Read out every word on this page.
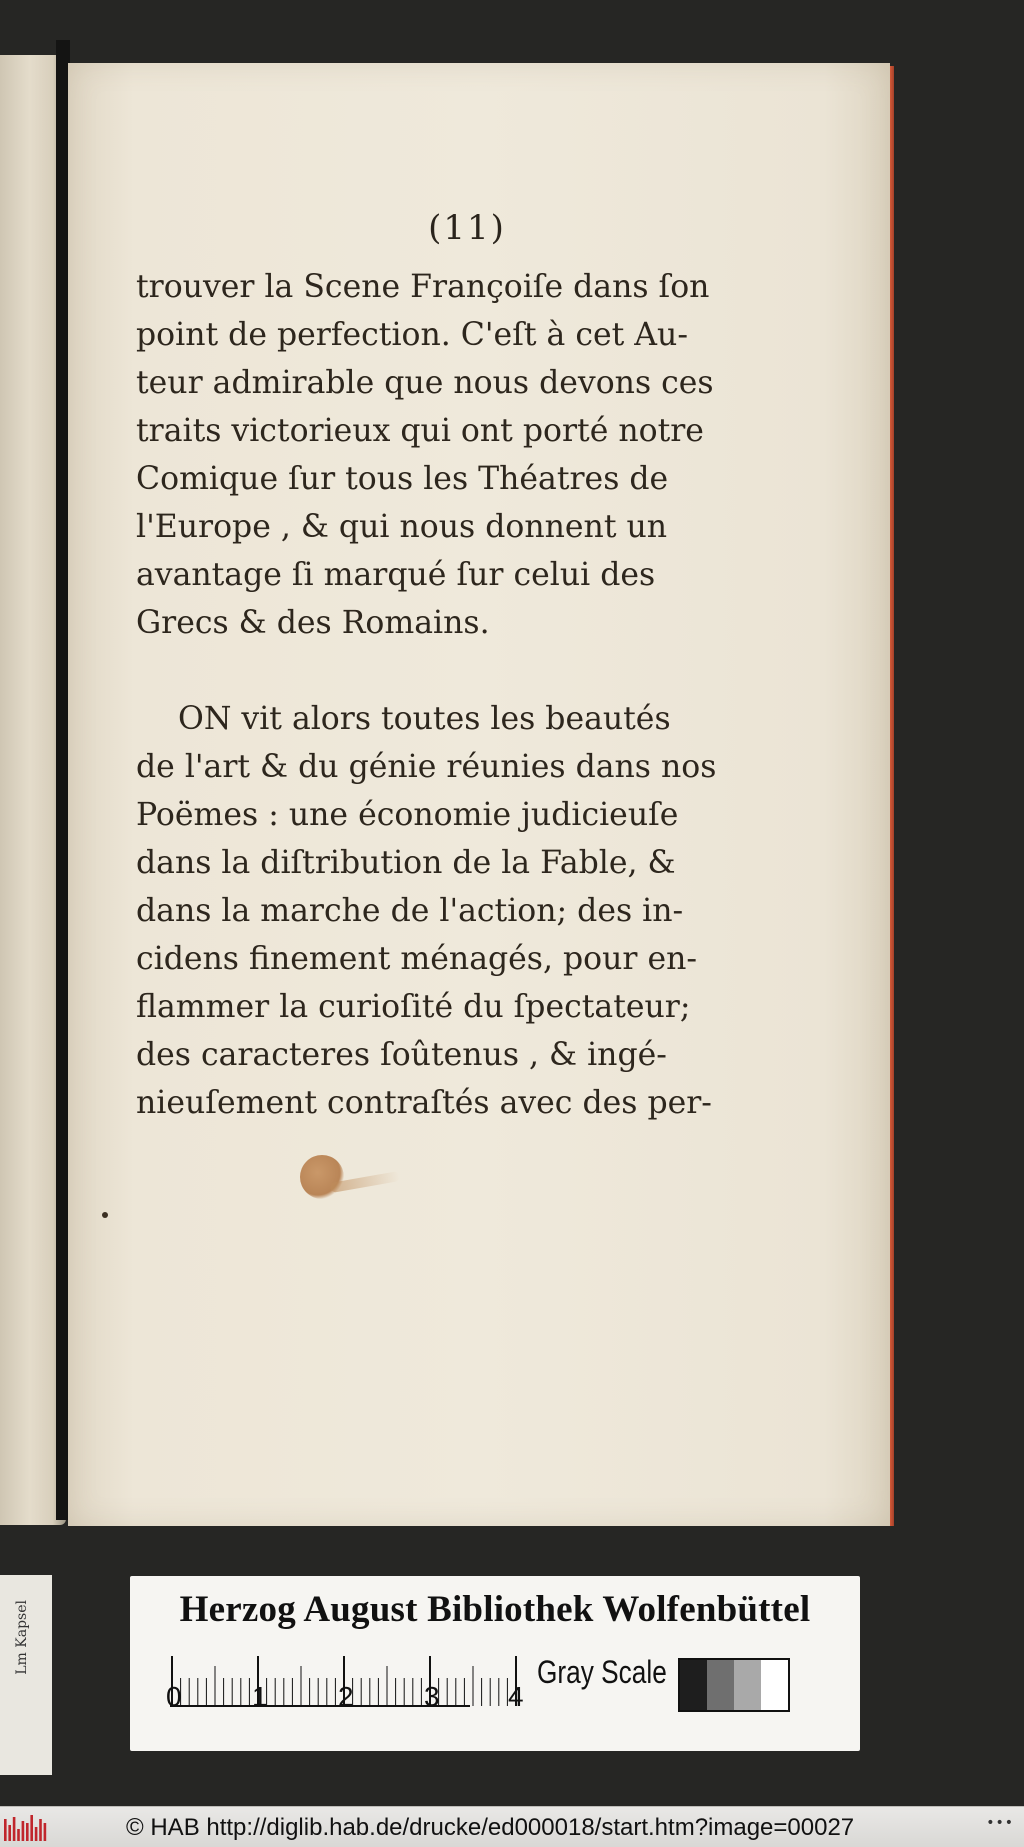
(11)
trouver la Scene Françoiſe dans ſon
point de perfection. C'eſt à cet Au-
teur admirable que nous devons ces
traits victorieux qui ont porté notre
Comique ſur tous les Théatres de
l'Europe , & qui nous donnent un
avantage ſi marqué ſur celui des
Grecs & des Romains.
ON vit alors toutes les beautés
de l'art & du génie réunies dans nos
Poëmes : une économie judicieuſe
dans la diſtribution de la Fable, &
dans la marche de l'action; des in-
cidens finement ménagés, pour en-
flammer la curioſité du ſpectateur;
des caracteres ſoûtenus , & ingé-
nieuſement contraſtés avec des per-
Lm Kapsel	Herzog August Bibliothek Wolfenbüttel
0	1	2	3 4
Gray Scale
© HAB http://diglib.hab.de/drucke/ed000018/start.htm?image=00027	•••
